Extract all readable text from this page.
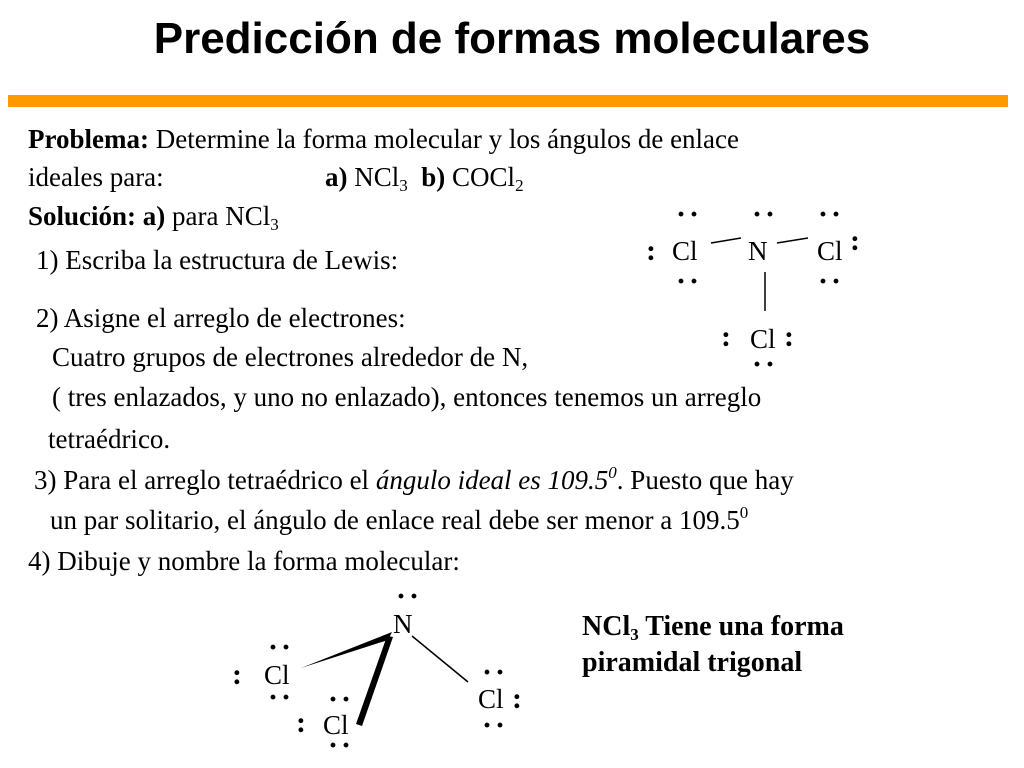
Predicción de formas moleculares
Problema: Determine la forma molecular y los ángulos de enlace
ideales para:	a) NCl$_3$ b) COCl$_2$
Solución: a) para NCl$_3$
1) Escriba la estructura de Lewis:
2) Asigne el arreglo de electrones:
Cuatro grupos de electrones alrededor de N,
( tres enlazados, y uno no enlazado), entonces tenemos un arreglo
tetraédrico.
3) Para el arreglo tetraédrico el ángulo ideal es 109.5$^0$. Puesto que hay
un par solitario, el ángulo de enlace real debe ser menor a 109.5$^0$
4) Dibuje y nombre la forma molecular:
Cl N Cl
Cl
·· ·· ··
··	··
··
:	:
: :
N
Cl
Cl
Cl
··
··
·· ··
··
··
··
:
:
:
NCl$_3$ Tiene una forma
piramidal trigonal
